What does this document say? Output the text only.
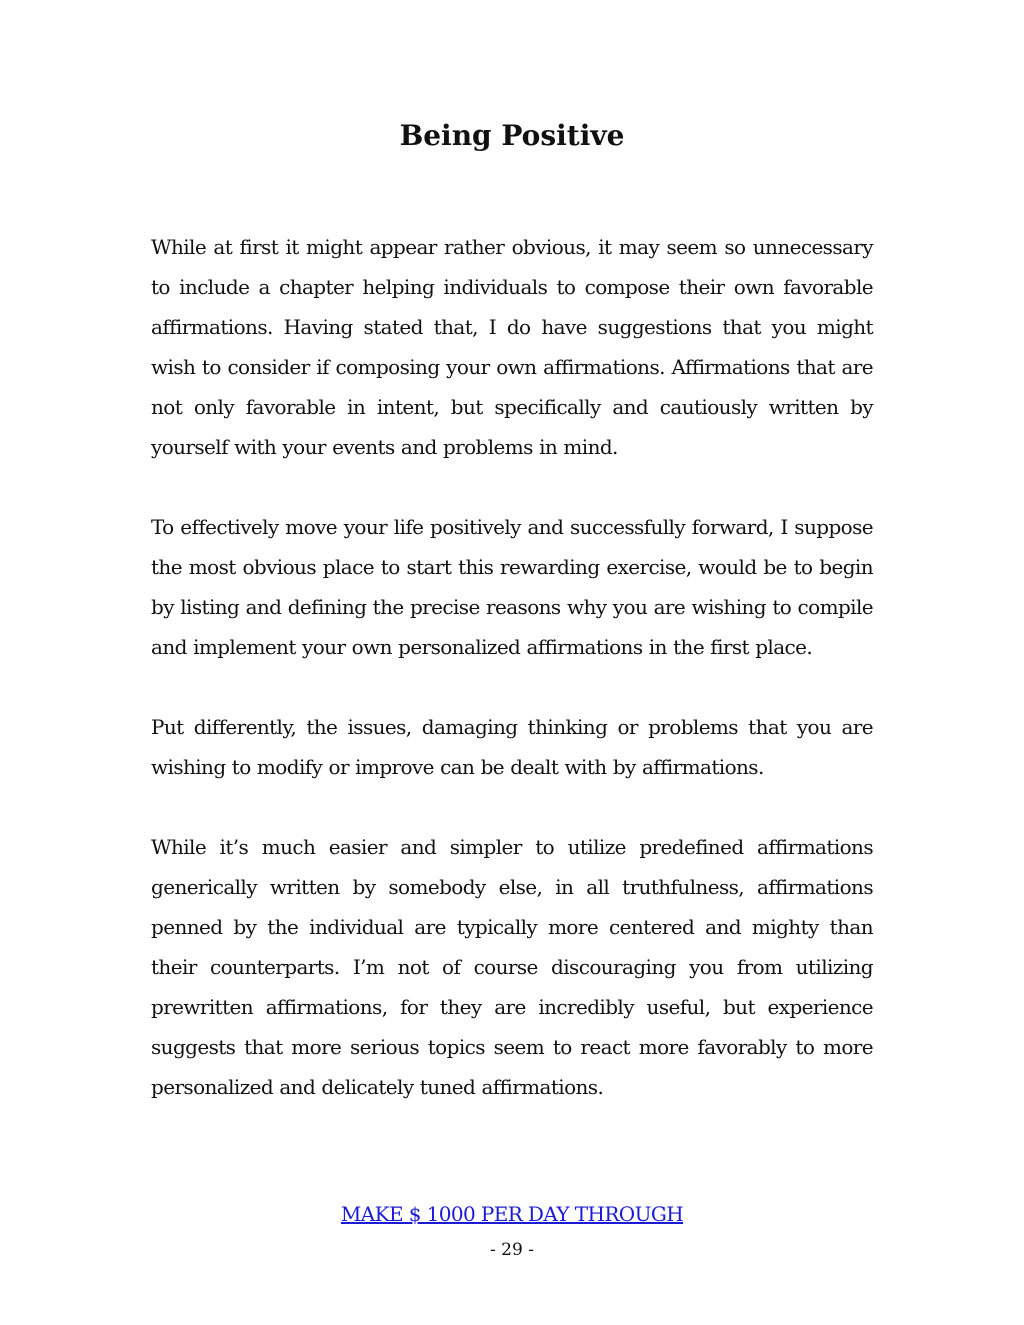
Being Positive

While at first it might appear rather obvious, it may seem so unnecessary to include a chapter helping individuals to compose their own favorable affirmations. Having stated that, I do have suggestions that you might wish to consider if composing your own affirmations. Affirmations that are not only favorable in intent, but specifically and cautiously written by yourself with your events and problems in mind.

To effectively move your life positively and successfully forward, I suppose the most obvious place to start this rewarding exercise, would be to begin by listing and defining the precise reasons why you are wishing to compile and implement your own personalized affirmations in the first place.

Put differently, the issues, damaging thinking or problems that you are wishing to modify or improve can be dealt with by affirmations.

While it’s much easier and simpler to utilize predefined affirmations generically written by somebody else, in all truthfulness, affirmations penned by the individual are typically more centered and mighty than their counterparts. I’m not of course discouraging you from utilizing prewritten affirmations, for they are incredibly useful, but experience suggests that more serious topics seem to react more favorably to more personalized and delicately tuned affirmations.

MAKE $ 1000 PER DAY THROUGH
- 29 -
